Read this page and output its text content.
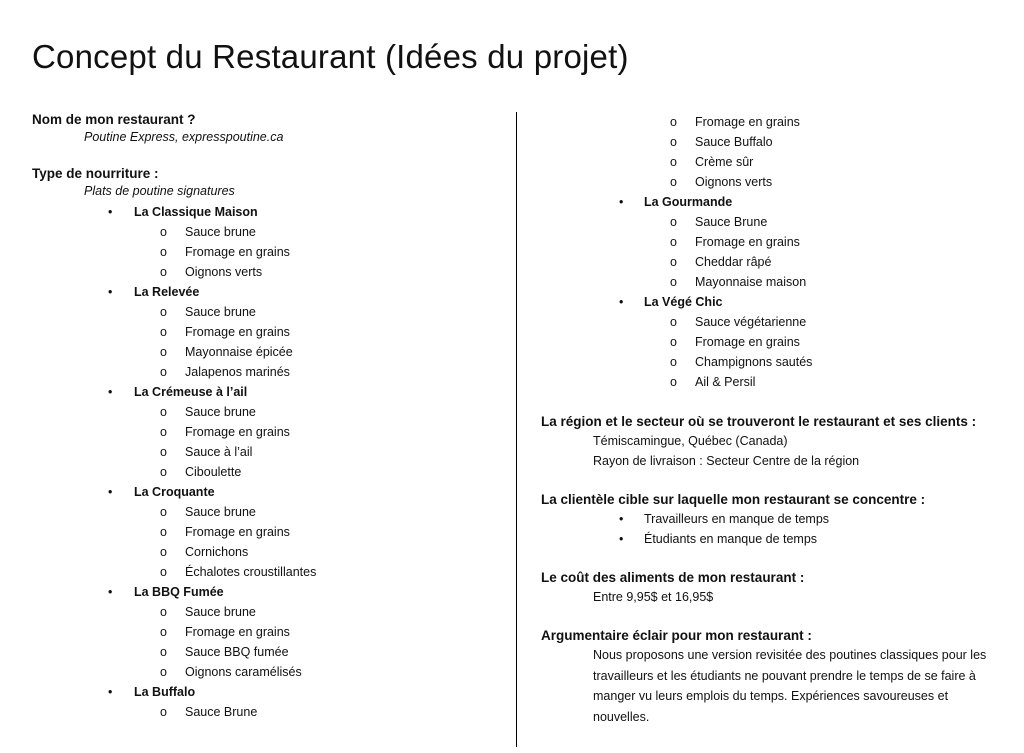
Concept du Restaurant (Idées du projet)

Nom de mon restaurant ?

Poutine Express, expresspoutine.ca

Type de nourriture :

Plats de poutine signatures

• La Classique Maison
o Sauce brune
o Fromage en grains
o Oignons verts
• La Relevée
o Sauce brune
o Fromage en grains
o Mayonnaise épicée
o Jalapenos marinés
• La Crémeuse à l’ail
o Sauce brune
o Fromage en grains
o Sauce à l’ail
o Ciboulette
• La Croquante
o Sauce brune
o Fromage en grains
o Cornichons
o Échalotes croustillantes
• La BBQ Fumée
o Sauce brune
o Fromage en grains
o Sauce BBQ fumée
o Oignons caramélisés
• La Buffalo
o Sauce Brune
o Fromage en grains
o Sauce Buffalo
o Crème sûr
o Oignons verts
• La Gourmande
o Sauce Brune
o Fromage en grains
o Cheddar râpé
o Mayonnaise maison
• La Végé Chic
o Sauce végétarienne
o Fromage en grains
o Champignons sautés
o Ail & Persil

La région et le secteur où se trouveront le restaurant et ses clients :

Témiscamingue, Québec (Canada)
Rayon de livraison : Secteur Centre de la région

La clientèle cible sur laquelle mon restaurant se concentre :

• Travailleurs en manque de temps
• Étudiants en manque de temps

Le coût des aliments de mon restaurant :

Entre 9,95$ et 16,95$

Argumentaire éclair pour mon restaurant :

Nous proposons une version revisitée des poutines classiques pour les travailleurs et les étudiants ne pouvant prendre le temps de se faire à manger vu leurs emplois du temps. Expériences savoureuses et nouvelles.
